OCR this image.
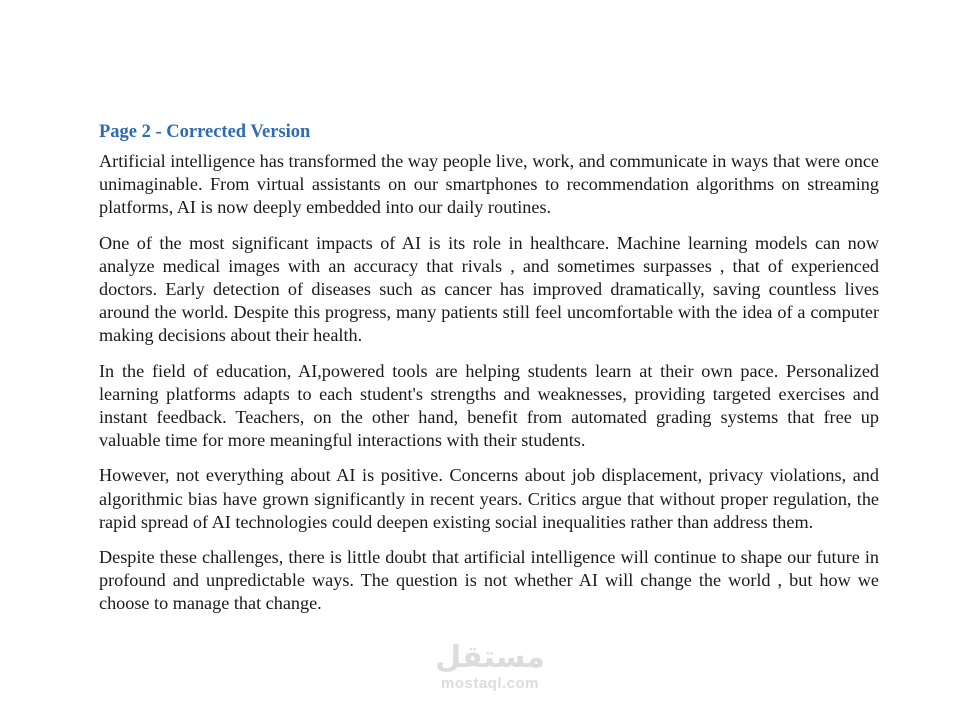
Page 2 - Corrected Version

Artificial intelligence has transformed the way people live, work, and communicate in ways that were once unimaginable. From virtual assistants on our smartphones to recommendation algorithms on streaming platforms, AI is now deeply embedded into our daily routines.

One of the most significant impacts of AI is its role in healthcare. Machine learning models can now analyze medical images with an accuracy that rivals , and sometimes surpasses , that of experienced doctors. Early detection of diseases such as cancer has improved dramatically, saving countless lives around the world. Despite this progress, many patients still feel uncomfortable with the idea of a computer making decisions about their health.

In the field of education, AI,powered tools are helping students learn at their own pace. Personalized learning platforms adapts to each student's strengths and weaknesses, providing targeted exercises and instant feedback. Teachers, on the other hand, benefit from automated grading systems that free up valuable time for more meaningful interactions with their students.

However, not everything about AI is positive. Concerns about job displacement, privacy violations, and algorithmic bias have grown significantly in recent years. Critics argue that without proper regulation, the rapid spread of AI technologies could deepen existing social inequalities rather than address them.

Despite these challenges, there is little doubt that artificial intelligence will continue to shape our future in profound and unpredictable ways. The question is not whether AI will change the world , but how we choose to manage that change.

مستقل
mostaql.com
